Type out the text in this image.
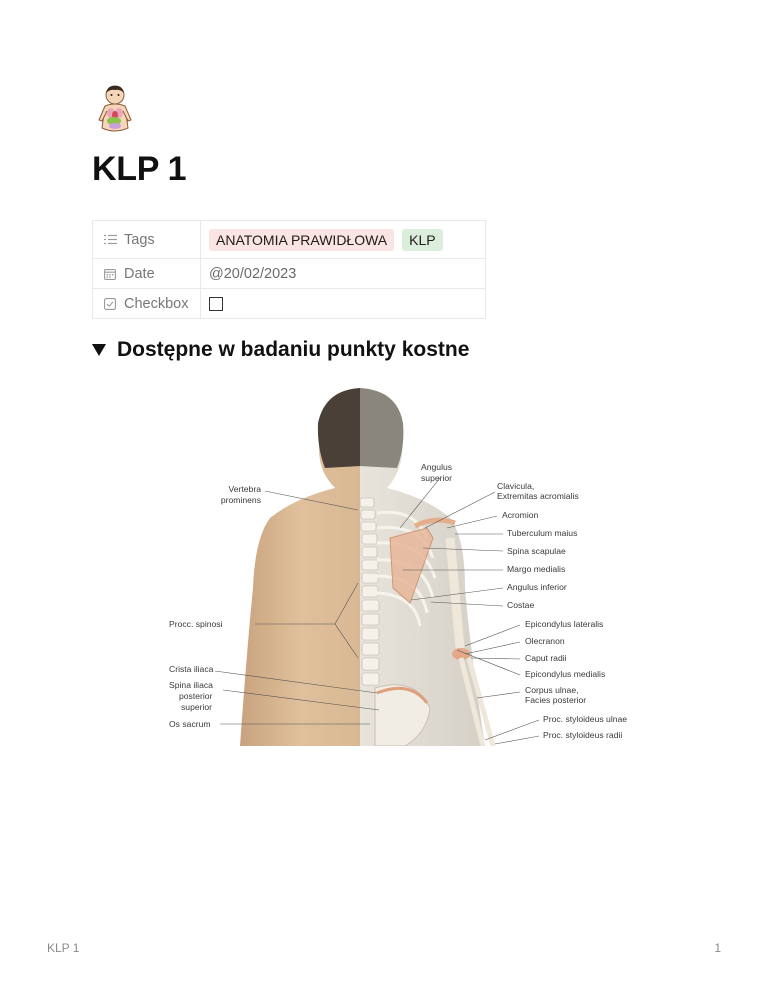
KLP 1
Tags	ANATOMIA PRAWIDŁOWA	KLP
Date	@20/02/2023
Checkbox
Dostępne w badaniu punkty kostne
Vertebra
prominens
Procc. spinosi
Crista iliaca
Spina iliaca
posterior
superior
Os sacrum
Angulus
superior
Clavicula,
Extremitas acromialis
Acromion
Tuberculum maius
Spina scapulae
Margo medialis
Angulus inferior
Costae
Epicondylus lateralis
Olecranon
Caput radii
Epicondylus medialis
Corpus ulnae,
Facies posterior
Proc. styloideus ulnae
Proc. styloideus radii
KLP 1	1
